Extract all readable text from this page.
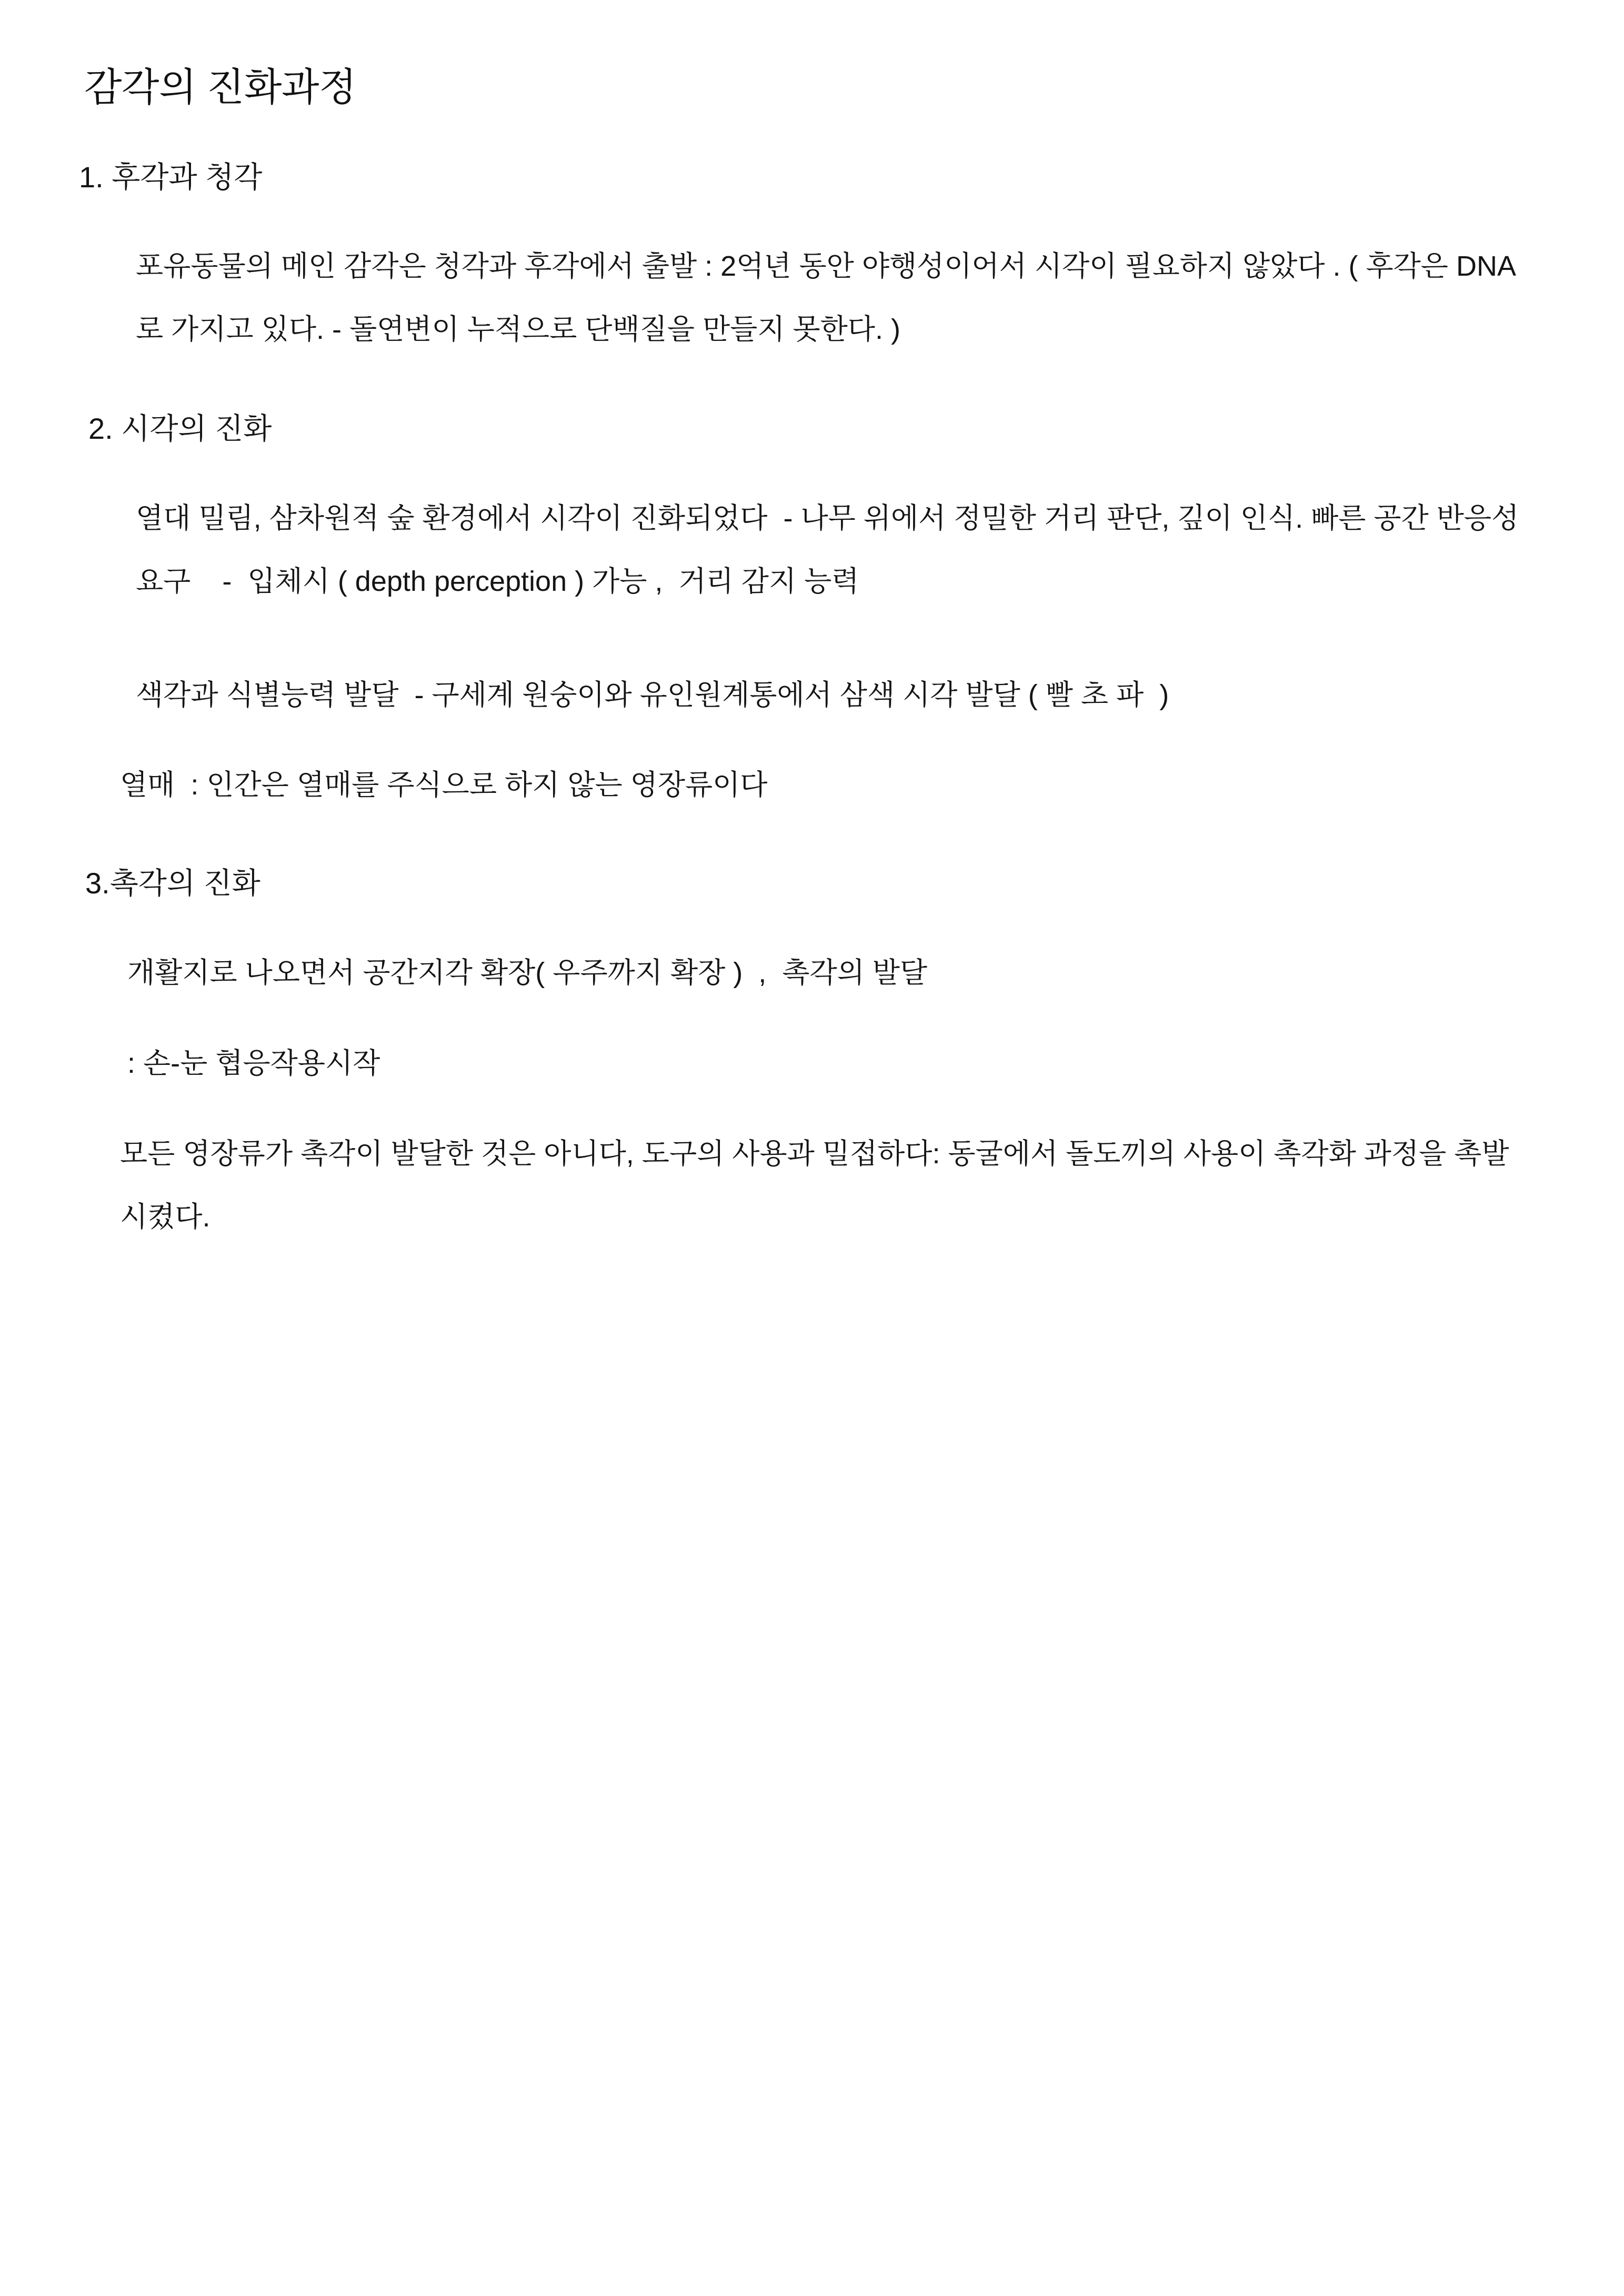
감각의 진화과정
1. 후각과 청각
포유동물의 메인 감각은 청각과 후각에서 출발 : 2억년 동안 야행성이어서 시각이 필요하지 않았다 . ( 후각은 DNA 로 가지고 있다. - 돌연변이 누적으로 단백질을 만들지 못한다. )
2. 시각의 진화
열대 밀림, 삼차원적 숲 환경에서 시각이 진화되었다  - 나무 위에서 정밀한 거리 판단, 깊이 인식. 빠른 공간 반응성 요구    -  입체시 ( depth perception ) 가능 ,  거리 감지 능력
색각과 식별능력 발달  - 구세계 원숭이와 유인원계통에서 삼색 시각 발달 ( 빨 초 파  )
열매  : 인간은 열매를 주식으로 하지 않는 영장류이다
3.촉각의 진화
개활지로 나오면서 공간지각 확장( 우주까지 확장 )  ,  촉각의 발달
: 손-눈 협응작용시작
모든 영장류가 촉각이 발달한 것은 아니다, 도구의 사용과 밀접하다: 동굴에서 돌도끼의 사용이 촉각화 과정을 촉발시켰다.
